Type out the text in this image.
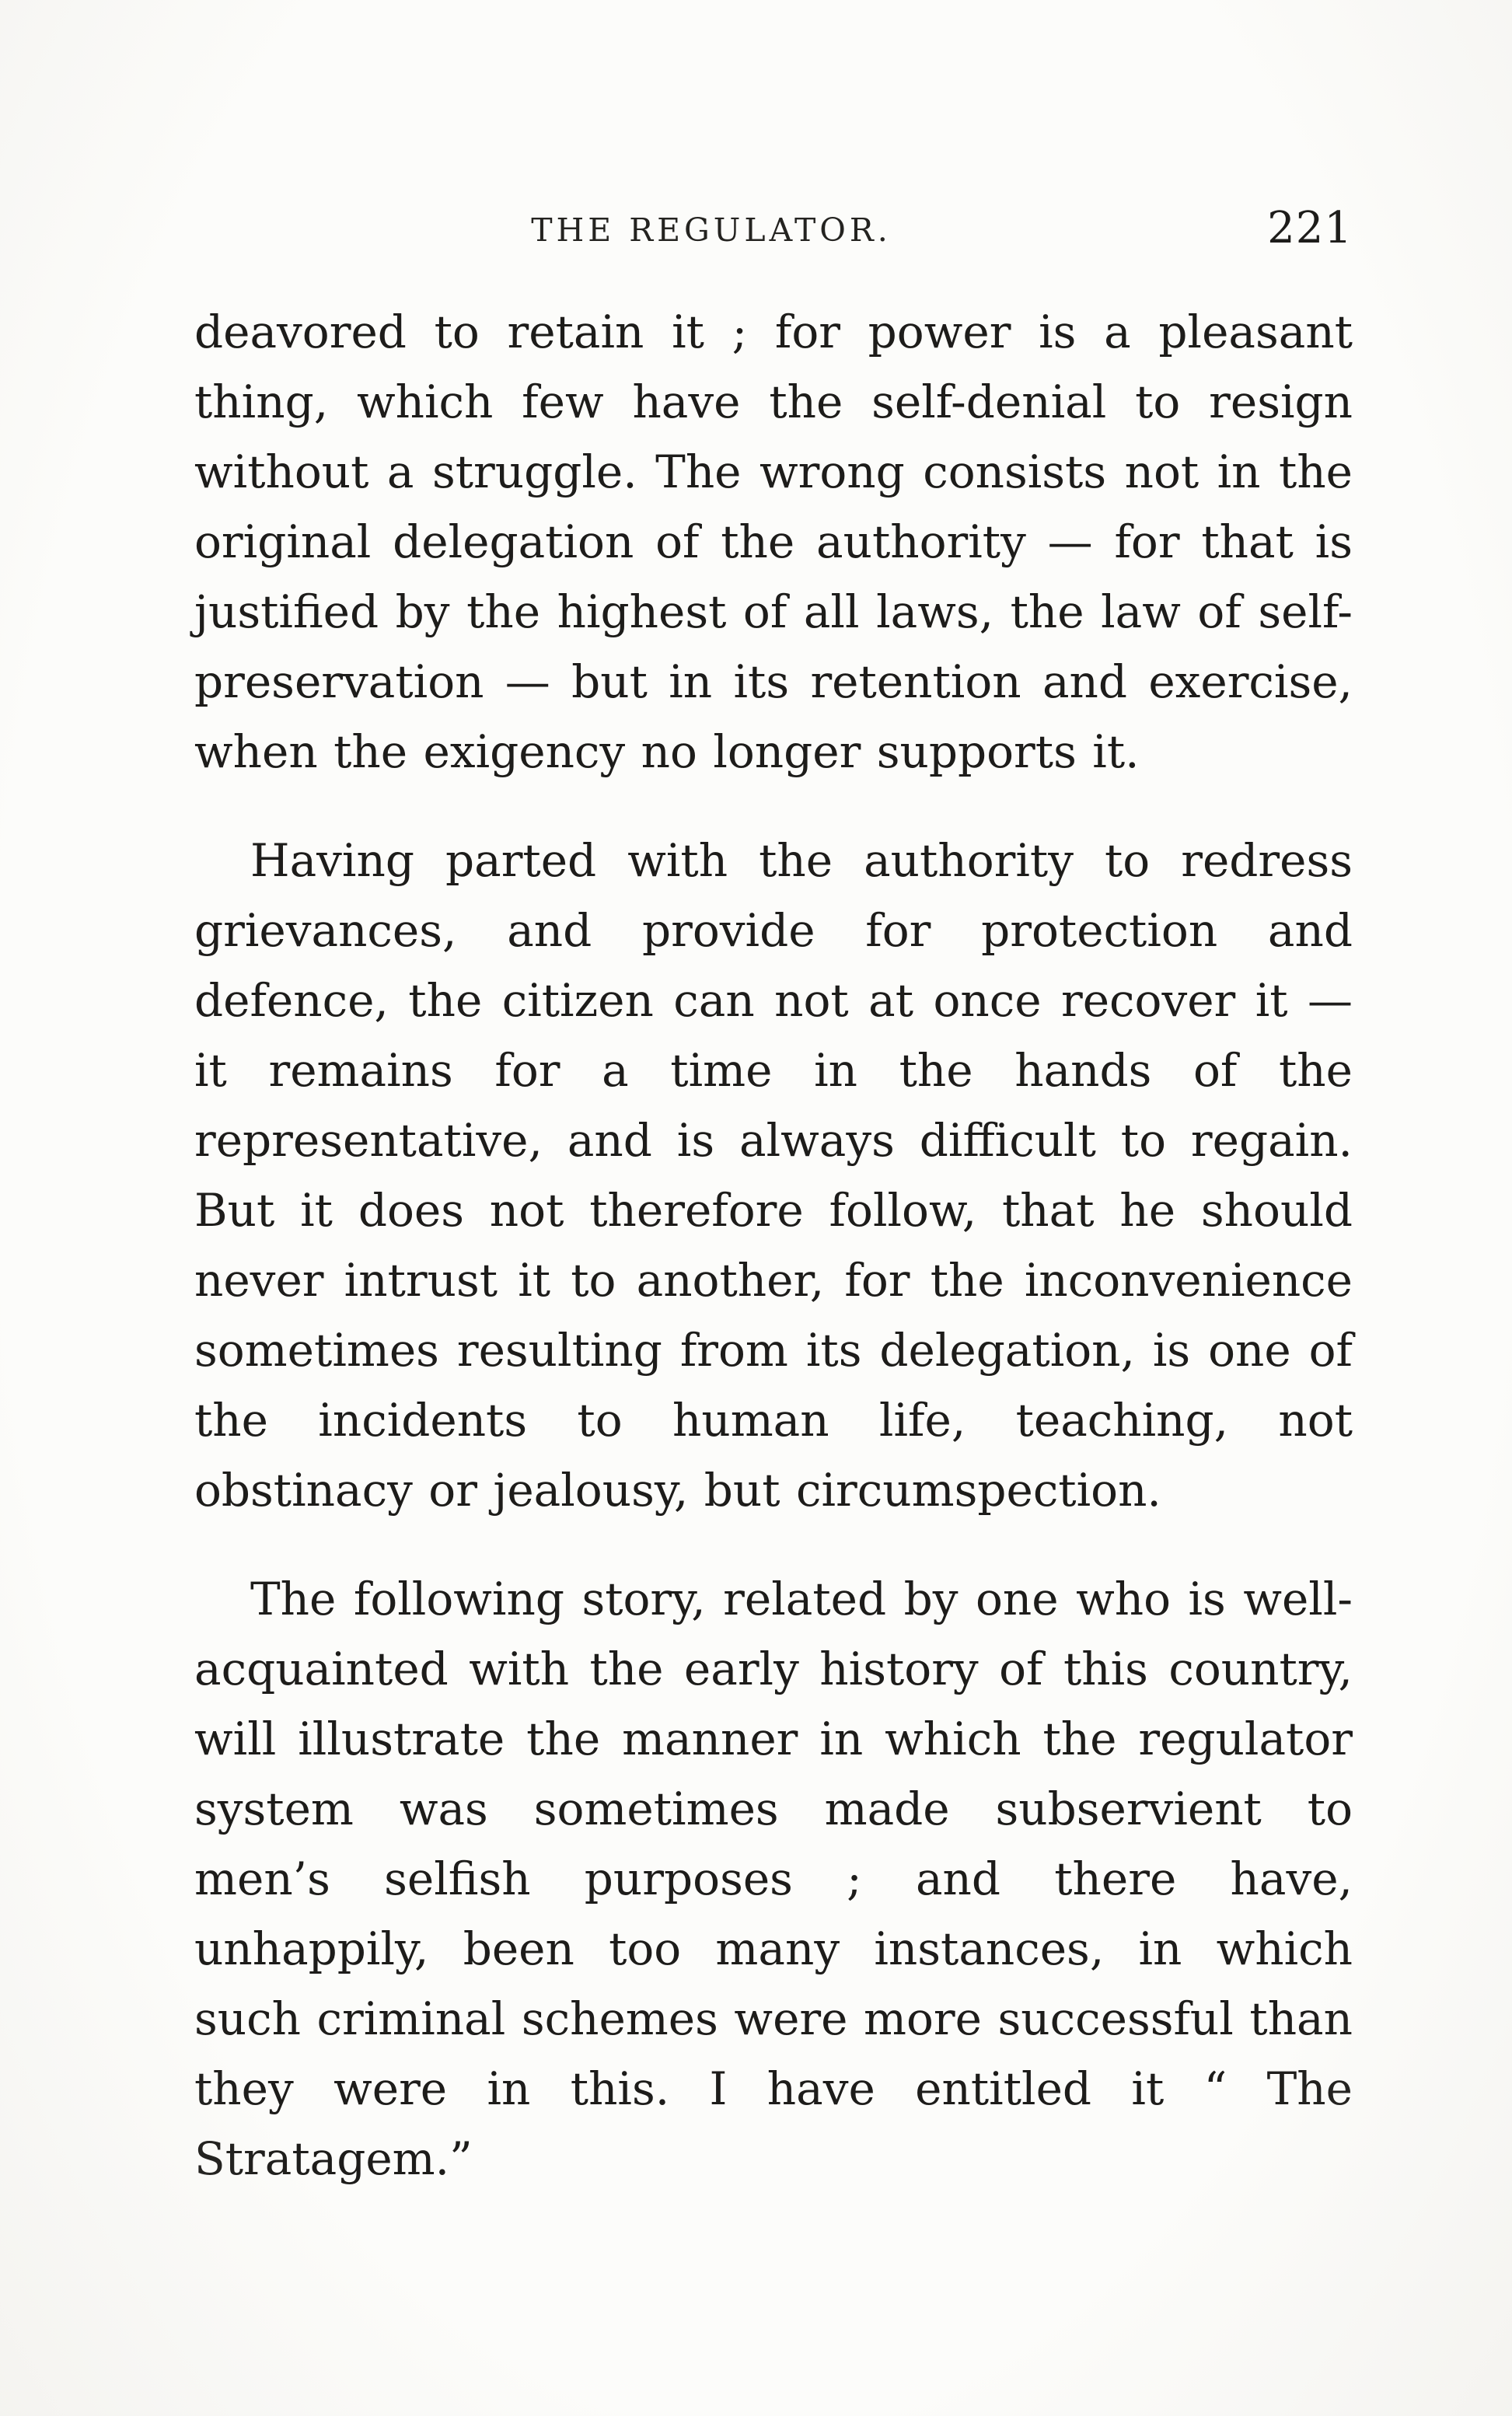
THE REGULATOR.	221

deavored to retain it ; for power is a pleasant thing, which few have the self-denial to resign without a struggle. The wrong consists not in the original delegation of the authority — for that is justified by the highest of all laws, the law of self-preservation — but in its retention and exercise, when the exigency no longer supports it.

Having parted with the authority to redress grievances, and provide for protection and defence, the citizen can not at once recover it — it remains for a time in the hands of the representative, and is always difficult to regain. But it does not therefore follow, that he should never intrust it to another, for the inconvenience sometimes resulting from its delegation, is one of the incidents to human life, teaching, not obstinacy or jealousy, but circumspection.

The following story, related by one who is well-acquainted with the early history of this country, will illustrate the manner in which the regulator system was sometimes made subservient to men’s selfish purposes ; and there have, unhappily, been too many instances, in which such criminal schemes were more successful than they were in this. I have entitled it “ The Stratagem.”
